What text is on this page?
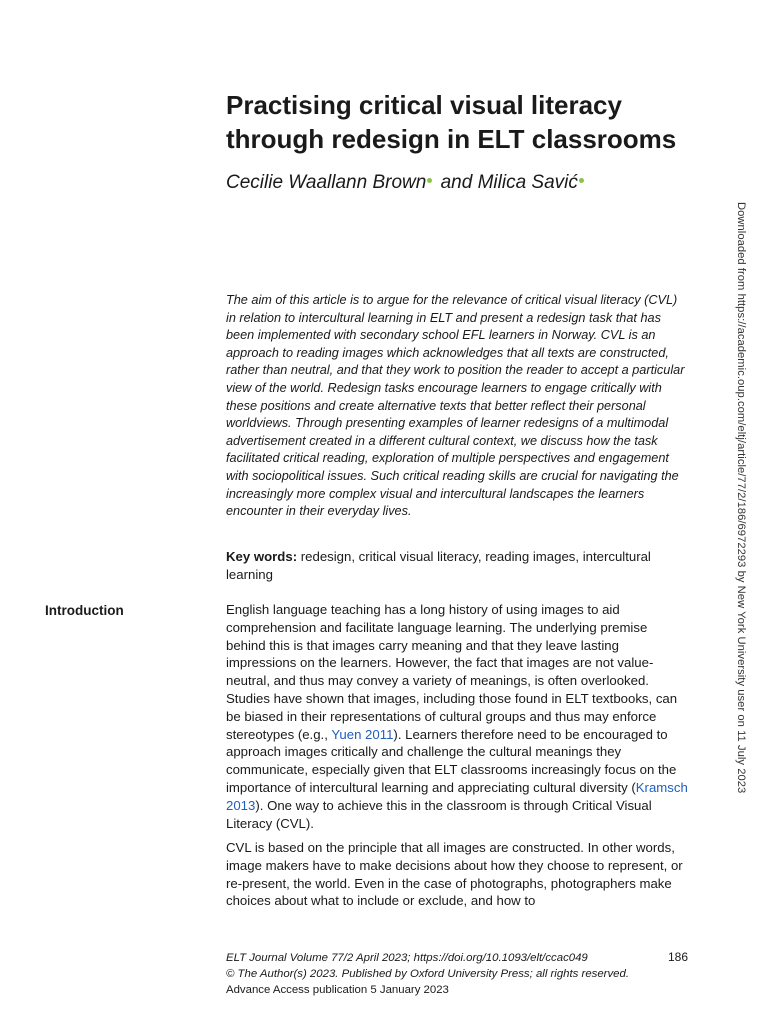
Practising critical visual literacy through redesign in ELT classrooms
Cecilie Waallann Brown and Milica Savić
The aim of this article is to argue for the relevance of critical visual literacy (CVL) in relation to intercultural learning in ELT and present a redesign task that has been implemented with secondary school EFL learners in Norway. CVL is an approach to reading images which acknowledges that all texts are constructed, rather than neutral, and that they work to position the reader to accept a particular view of the world. Redesign tasks encourage learners to engage critically with these positions and create alternative texts that better reflect their personal worldviews. Through presenting examples of learner redesigns of a multimodal advertisement created in a different cultural context, we discuss how the task facilitated critical reading, exploration of multiple perspectives and engagement with sociopolitical issues. Such critical reading skills are crucial for navigating the increasingly more complex visual and intercultural landscapes the learners encounter in their everyday lives.
Key words: redesign, critical visual literacy, reading images, intercultural learning
Introduction	English language teaching has a long history of using images to aid comprehension and facilitate language learning. The underlying premise behind this is that images carry meaning and that they leave lasting impressions on the learners. However, the fact that images are not value-neutral, and thus may convey a variety of meanings, is often overlooked. Studies have shown that images, including those found in ELT textbooks, can be biased in their representations of cultural groups and thus may enforce stereotypes (e.g., Yuen 2011). Learners therefore need to be encouraged to approach images critically and challenge the cultural meanings they communicate, especially given that ELT classrooms increasingly focus on the importance of intercultural learning and appreciating cultural diversity (Kramsch 2013). One way to achieve this in the classroom is through Critical Visual Literacy (CVL).
CVL is based on the principle that all images are constructed. In other words, image makers have to make decisions about how they choose to represent, or re-present, the world. Even in the case of photographs, photographers make choices about what to include or exclude, and how to
ELT Journal Volume 77/2 April 2023; https://doi.org/10.1093/elt/ccac049
© The Author(s) 2023. Published by Oxford University Press; all rights reserved.
Advance Access publication 5 January 2023
186
Downloaded from https://academic.oup.com/eltj/article/77/2/186/6972293 by New York University user on 11 July 2023
